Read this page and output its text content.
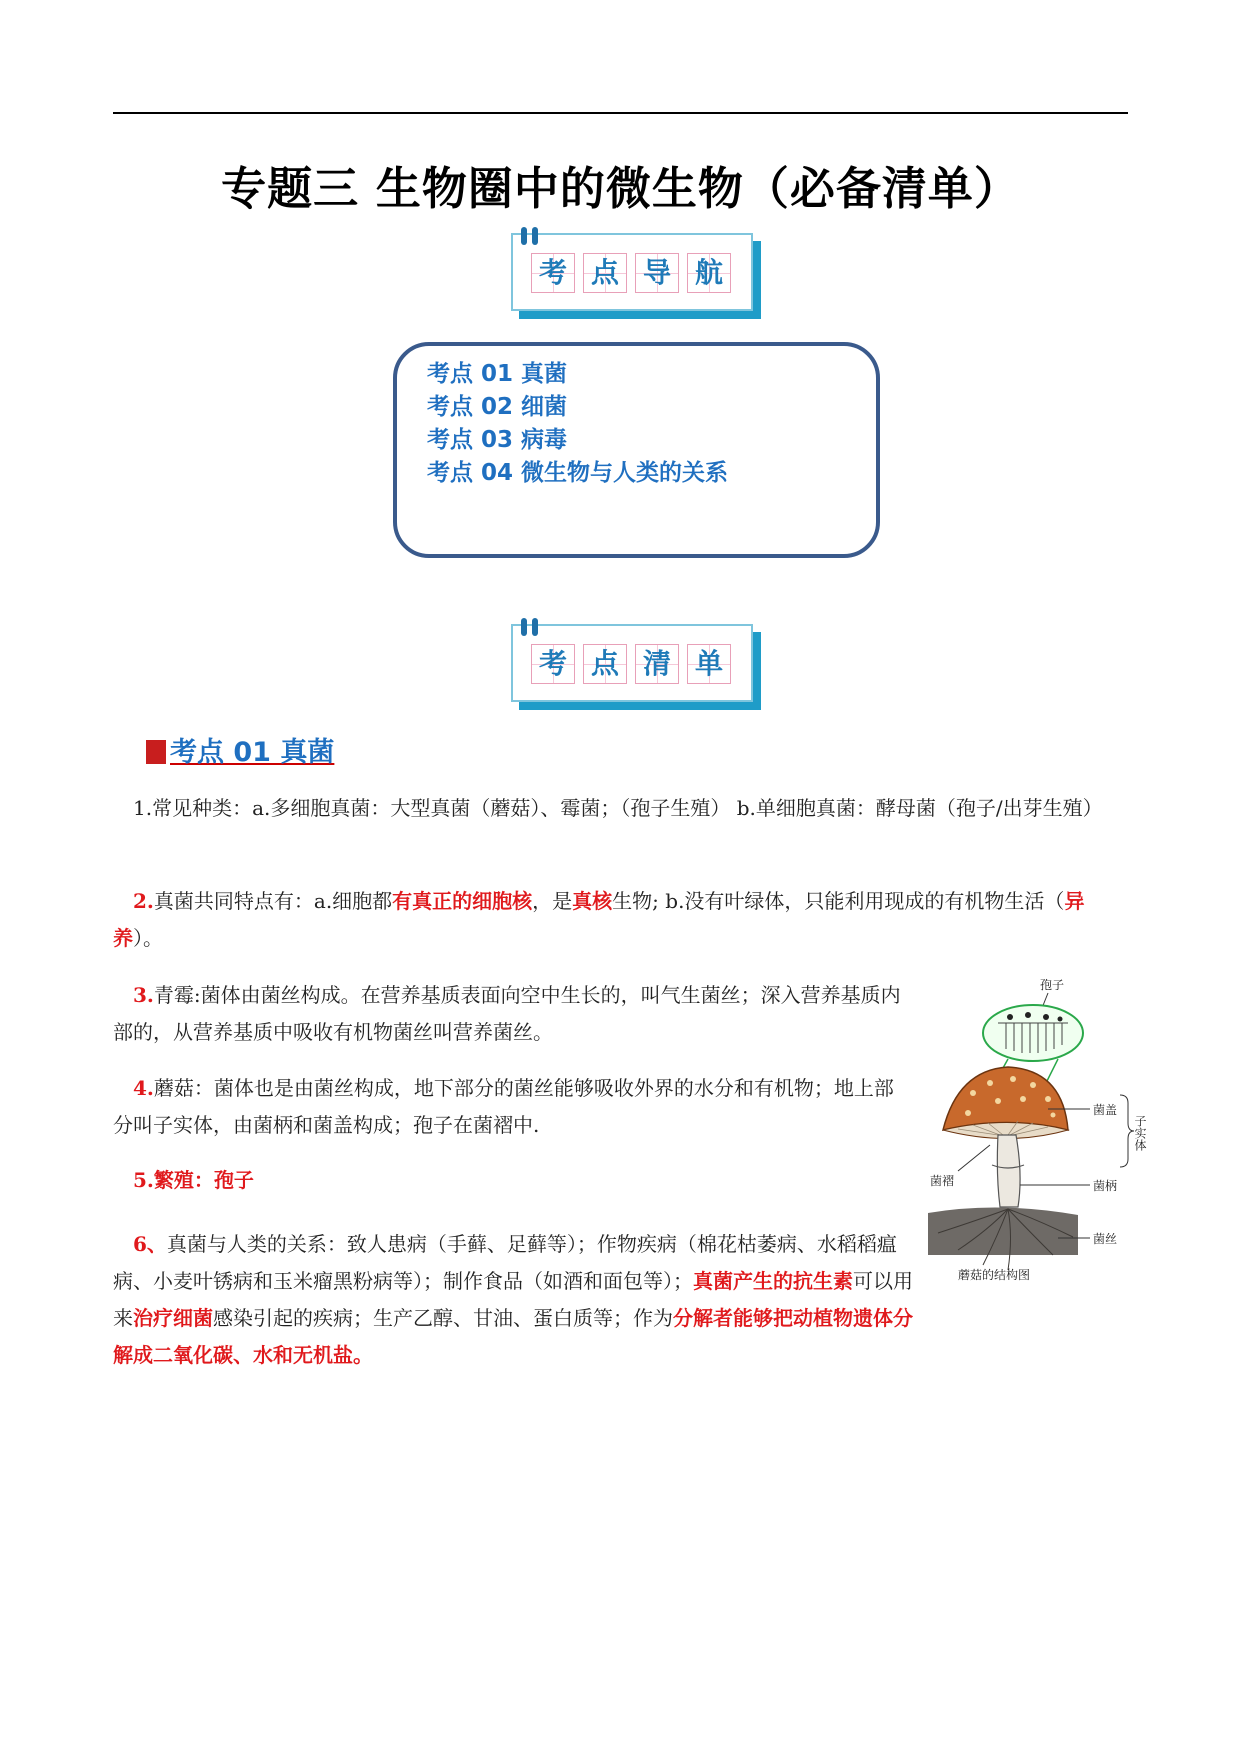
专题三 生物圈中的微生物（必备清单）
考 点 导 航
考点 01 真菌
考点 02 细菌
考点 03 病毒
考点 04 微生物与人类的关系
考 点 清 单
考点 01 真菌
1.常见种类：a.多细胞真菌：大型真菌（蘑菇）、霉菌；（孢子生殖） b.单细胞真菌：酵母菌（孢子/出芽生殖）
2.真菌共同特点有：a.细胞都有真正的细胞核，是真核生物; b.没有叶绿体，只能利用现成的有机物生活（异养）。
3.青霉:菌体由菌丝构成。在营养基质表面向空中生长的，叫气生菌丝；深入营养基质内部的，从营养基质中吸收有机物菌丝叫营养菌丝。
4.蘑菇：菌体也是由菌丝构成，地下部分的菌丝能够吸收外界的水分和有机物；地上部分叫子实体，由菌柄和菌盖构成；孢子在菌褶中.
5.繁殖：孢子
6、真菌与人类的关系：致人患病（手藓、足藓等）；作物疾病（棉花枯萎病、水稻稻瘟病、小麦叶锈病和玉米瘤黑粉病等）；制作食品（如酒和面包等）；真菌产生的抗生素可以用来治疗细菌感染引起的疾病；生产乙醇、甘油、蛋白质等；作为分解者能够把动植物遗体分解成二氧化碳、水和无机盐。
孢子
菌盖
子实体
菌褶	菌柄
菌丝
蘑菇的结构图
